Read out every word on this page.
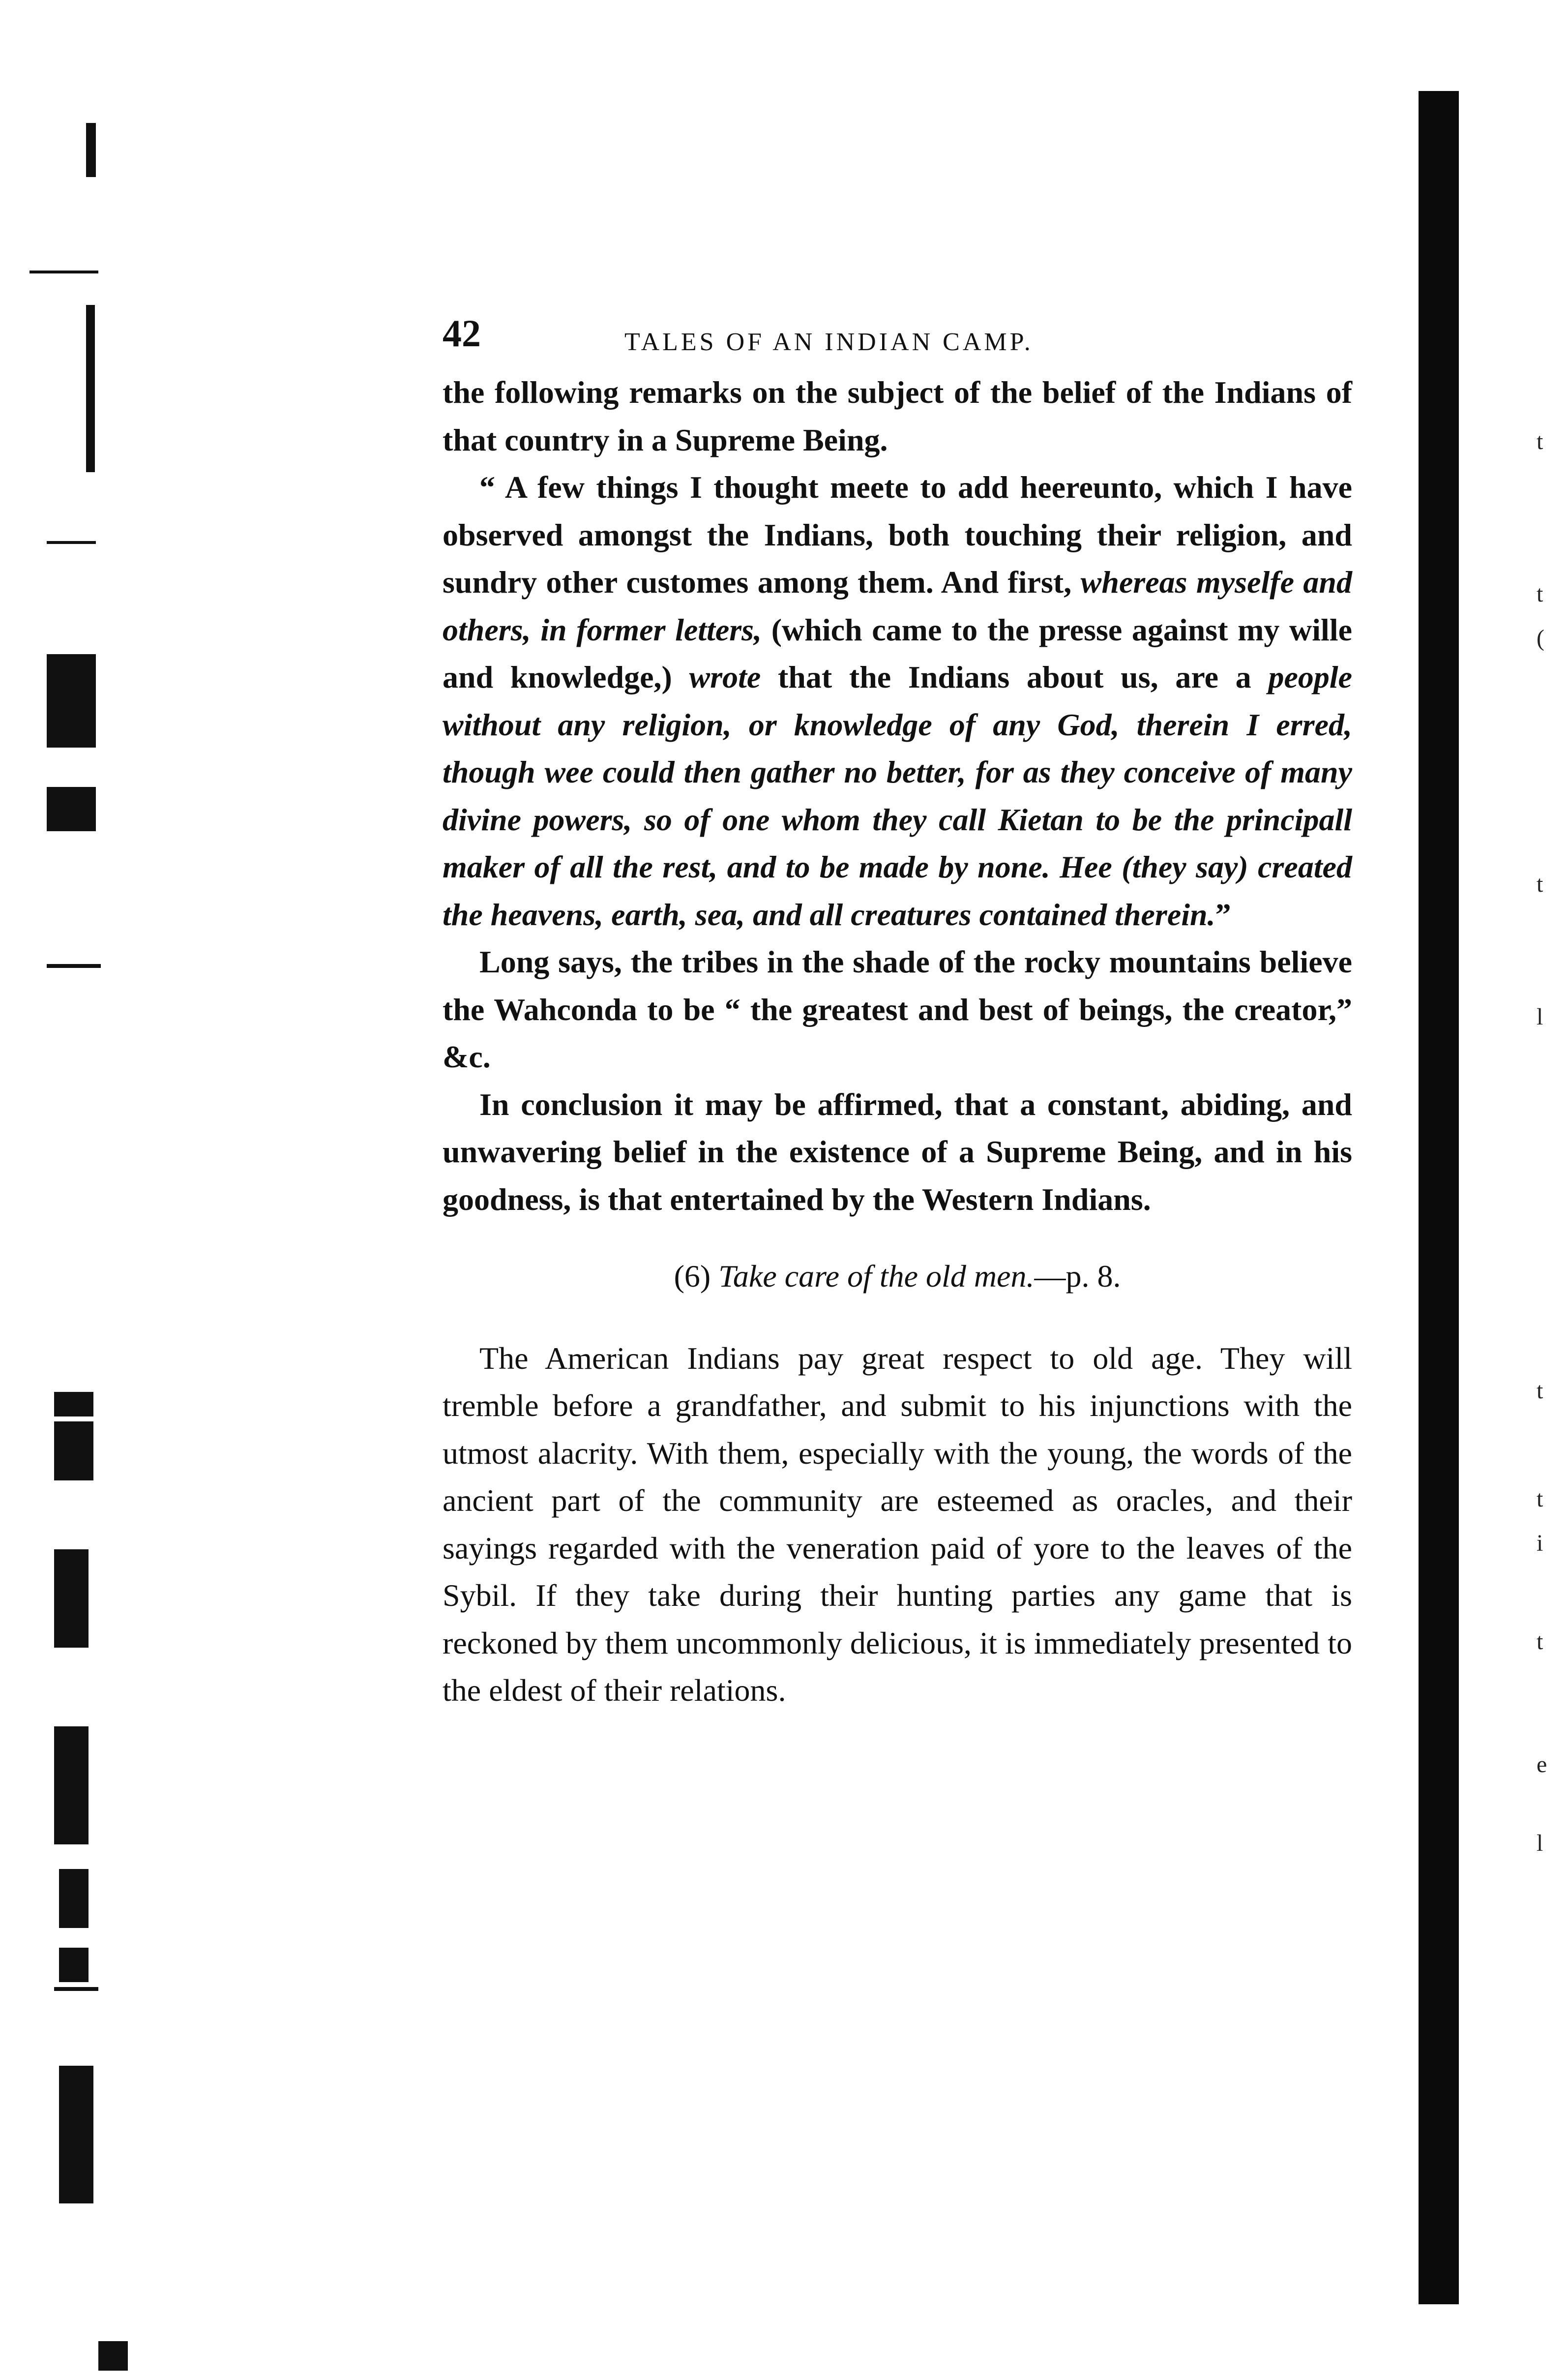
t
t
(
t
l
t
t
i
t
e
l
42	TALES OF AN INDIAN CAMP.

the following remarks on the subject of the belief of the Indians of that country in a Supreme Being.

“ A few things I thought meete to add heereunto, which I have observed amongst the Indians, both touching their religion, and sundry other customes among them. And first, whereas myselfe and others, in former letters, (which came to the presse against my wille and knowledge,) wrote that the Indians about us, are a people without any religion, or knowledge of any God, therein I erred, though wee could then gather no better, for as they conceive of many divine powers, so of one whom they call Kietan to be the principall maker of all the rest, and to be made by none. Hee (they say) created the heavens, earth, sea, and all creatures contained therein.”

Long says, the tribes in the shade of the rocky mountains believe the Wahconda to be “ the greatest and best of beings, the creator,” &c.

In conclusion it may be affirmed, that a constant, abiding, and unwavering belief in the existence of a Supreme Being, and in his goodness, is that entertained by the Western Indians.

(6) Take care of the old men.—p. 8.

The American Indians pay great respect to old age. They will tremble before a grandfather, and submit to his injunctions with the utmost alacrity. With them, especially with the young, the words of the ancient part of the community are esteemed as oracles, and their sayings regarded with the veneration paid of yore to the leaves of the Sybil. If they take during their hunting parties any game that is reckoned by them uncommonly delicious, it is immediately presented to the eldest of their relations.
